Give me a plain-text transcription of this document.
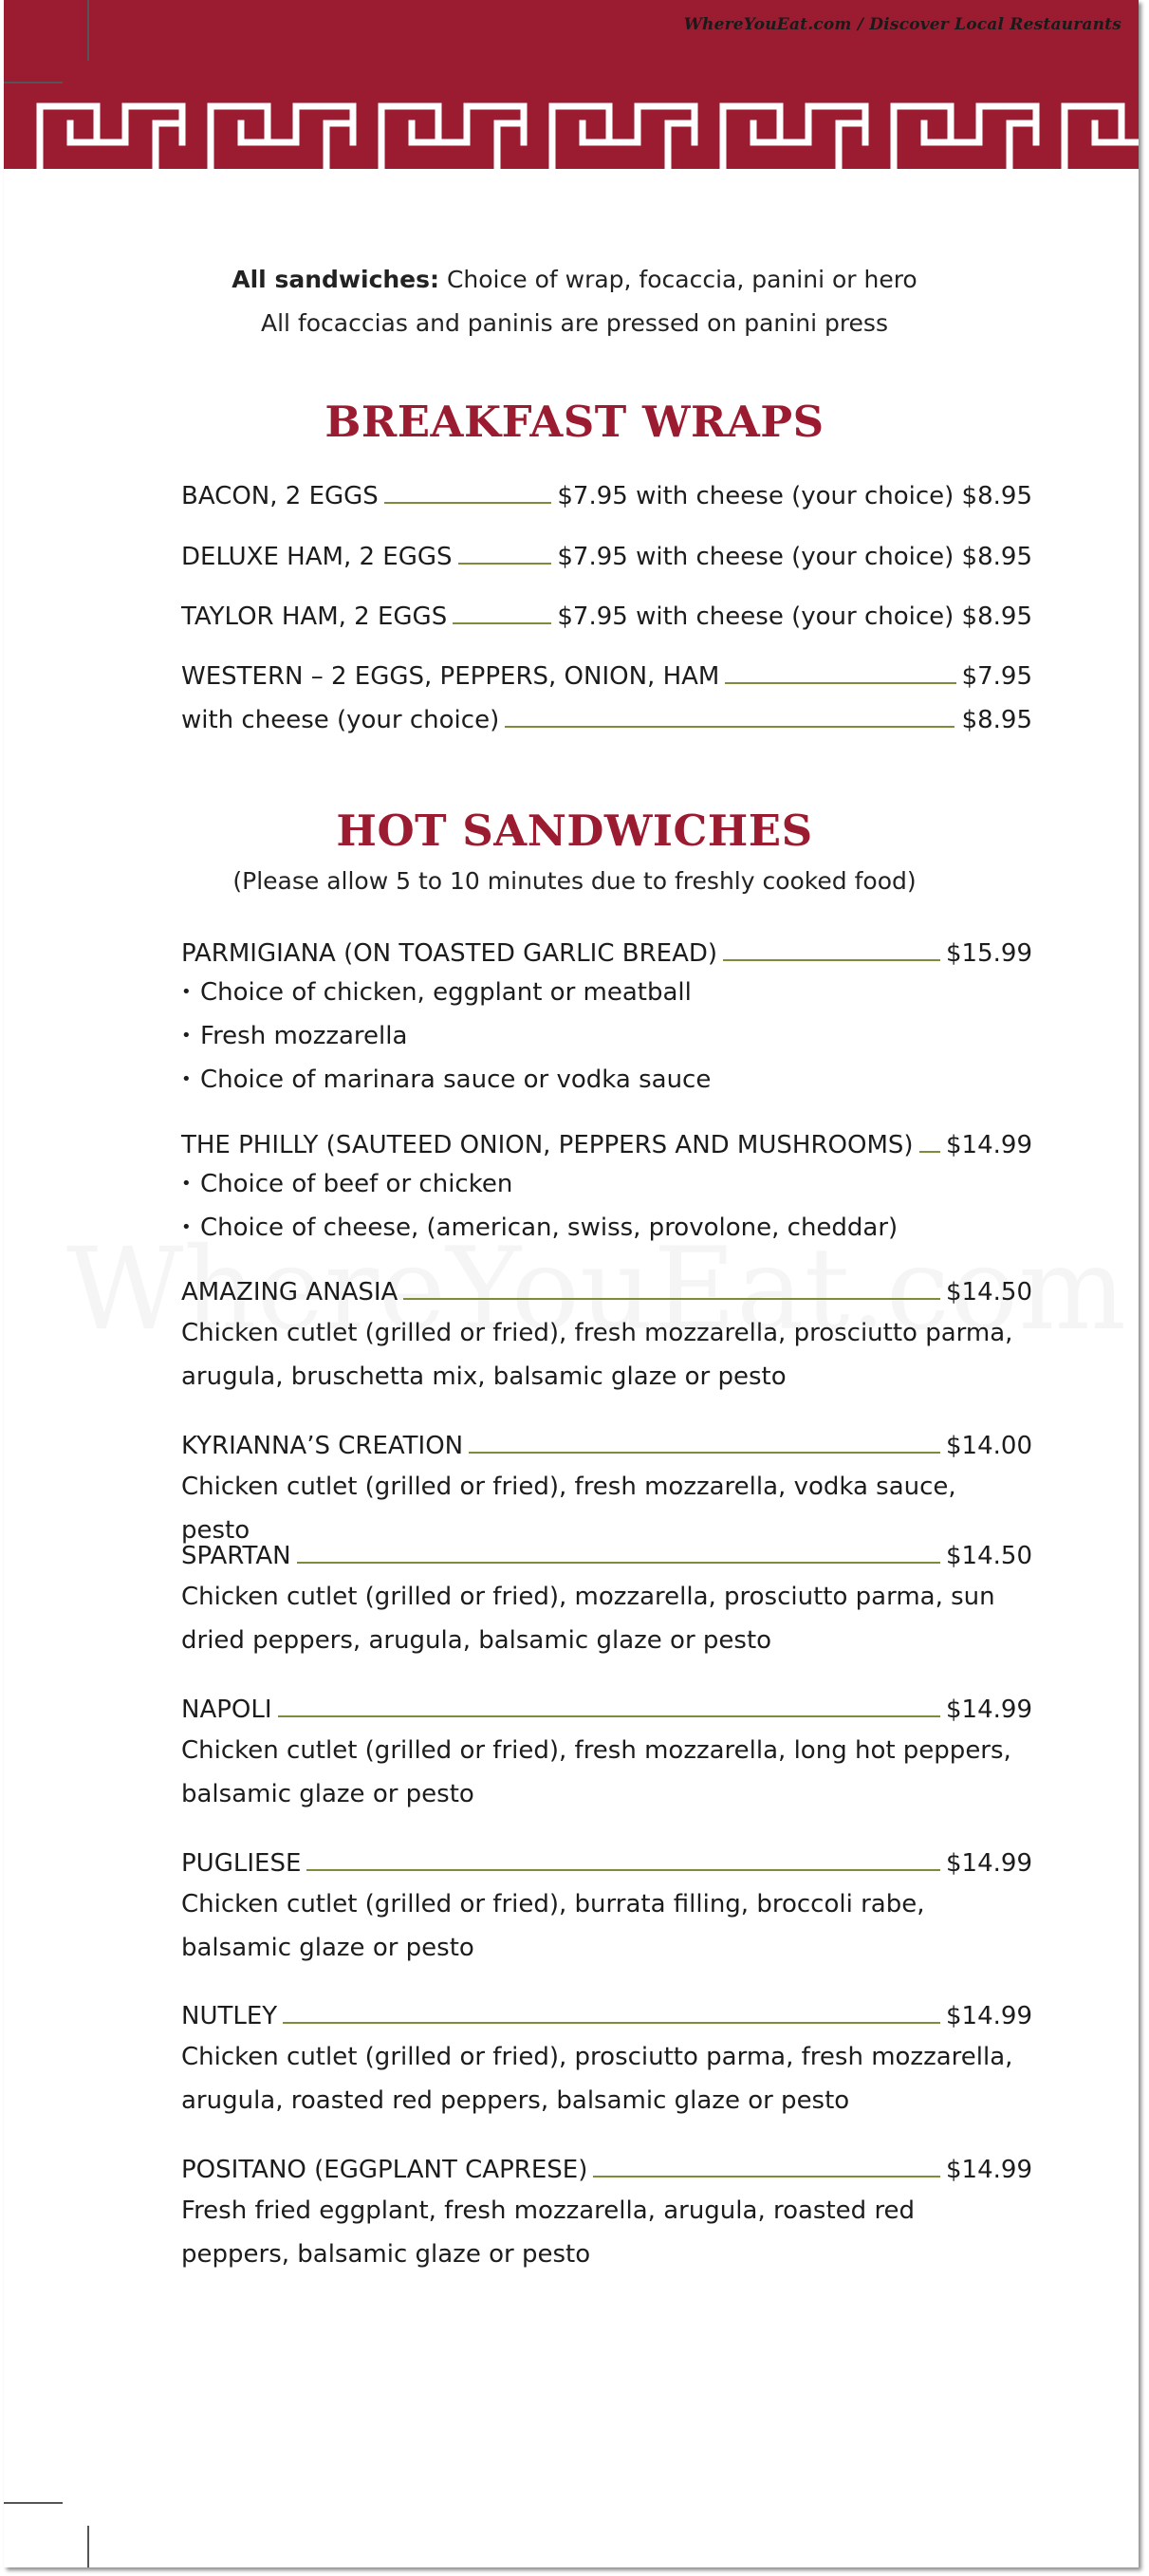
WhereYouEat.com / Discover Local Restaurants
All sandwiches: Choice of wrap, focaccia, panini or hero
All focaccias and paninis are pressed on panini press
BREAKFAST WRAPS
BACON, 2 EGGS	$7.95 with cheese (your choice) $8.95
DELUXE HAM, 2 EGGS	$7.95 with cheese (your choice) $8.95
TAYLOR HAM, 2 EGGS	$7.95 with cheese (your choice) $8.95
WESTERN – 2 EGGS, PEPPERS, ONION, HAM	$7.95
with cheese (your choice)	$8.95
HOT SANDWICHES
(Please allow 5 to 10 minutes due to freshly cooked food)
PARMIGIANA (ON TOASTED GARLIC BREAD)	$15.99
• Choice of chicken, eggplant or meatball
• Fresh mozzarella
• Choice of marinara sauce or vodka sauce
THE PHILLY (SAUTEED ONION, PEPPERS AND MUSHROOMS) $14.99
• Choice of beef or chicken
• Choice of cheese, (american, swiss, provolone, cheddar)
AMAZING ANASIA	$14.50
Chicken cutlet (grilled or fried), fresh mozzarella, prosciutto parma, arugula, bruschetta mix, balsamic glaze or pesto
KYRIANNA’S CREATION	$14.00
Chicken cutlet (grilled or fried), fresh mozzarella, vodka sauce, pesto
SPARTAN	$14.50
Chicken cutlet (grilled or fried), mozzarella, prosciutto parma, sun dried peppers, arugula, balsamic glaze or pesto
NAPOLI	$14.99
Chicken cutlet (grilled or fried), fresh mozzarella, long hot peppers, balsamic glaze or pesto
PUGLIESE	$14.99
Chicken cutlet (grilled or fried), burrata filling, broccoli rabe, balsamic glaze or pesto
NUTLEY	$14.99
Chicken cutlet (grilled or fried), prosciutto parma, fresh mozzarella, arugula, roasted red peppers, balsamic glaze or pesto
POSITANO (EGGPLANT CAPRESE)	$14.99
Fresh fried eggplant, fresh mozzarella, arugula, roasted red peppers, balsamic glaze or pesto
